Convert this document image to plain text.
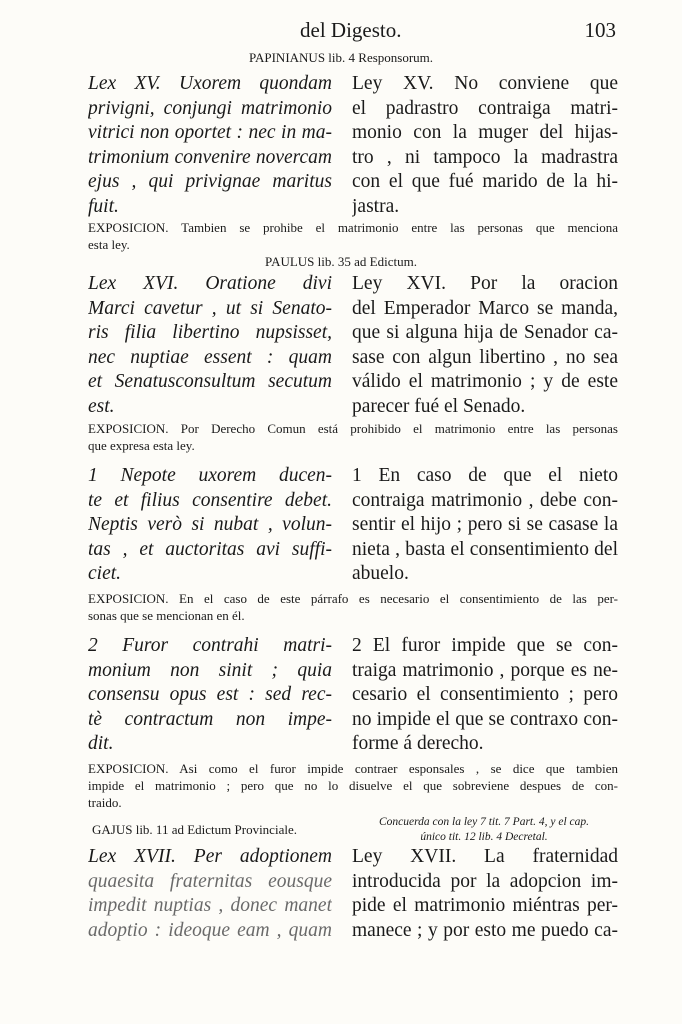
del Digesto.	103
PAPINIANUS lib. 4 Responsorum.
Lex XV. Uxorem quondam
privigni, conjungi matrimonio
vitrici non oportet : nec in ma-
trimonium convenire novercam
ejus , qui privignae maritus
fuit.
Ley XV. No conviene que
el padrastro contraiga matri-
monio con la muger del hijas-
tro , ni tampoco la madrastra
con el que fué marido de la hi-
jastra.
EXPOSICION. Tambien se prohibe el matrimonio entre las personas que menciona
esta ley.
PAULUS lib. 35 ad Edictum.
Lex XVI. Oratione divi
Marci cavetur , ut si Senato-
ris filia libertino nupsisset,
nec nuptiae essent : quam
et Senatusconsultum secutum
est.
Ley XVI. Por la oracion
del Emperador Marco se manda,
que si alguna hija de Senador ca-
sase con algun libertino , no sea
válido el matrimonio ; y de este
parecer fué el Senado.
EXPOSICION. Por Derecho Comun está prohibido el matrimonio entre las personas
que expresa esta ley.
1 Nepote uxorem ducen-
te et filius consentire debet.
Neptis verò si nubat , volun-
tas , et auctoritas avi suffi-
ciet.
1 En caso de que el nieto
contraiga matrimonio , debe con-
sentir el hijo ; pero si se casase la
nieta , basta el consentimiento del
abuelo.
EXPOSICION. En el caso de este párrafo es necesario el consentimiento de las per-
sonas que se mencionan en él.
2 Furor contrahi matri-
monium non sinit ; quia
consensu opus est : sed rec-
tè contractum non impe-
dit.
2 El furor impide que se con-
traiga matrimonio , porque es ne-
cesario el consentimiento ; pero
no impide el que se contraxo con-
forme á derecho.
EXPOSICION. Asi como el furor impide contraer esponsales , se dice que tambien
impide el matrimonio ; pero que no lo disuelve el que sobreviene despues de con-
traido.
GAJUS lib. 11 ad Edictum Provinciale.	Concuerda con la ley 7 tit. 7 Part. 4, y el cap.
único tit. 12 lib. 4 Decretal.
Lex XVII. Per adoptionem
quaesita fraternitas eousque
impedit nuptias , donec manet
adoptio : ideoque eam , quam
Ley XVII. La fraternidad
introducida por la adopcion im-
pide el matrimonio miéntras per-
manece ; y por esto me puedo ca-
